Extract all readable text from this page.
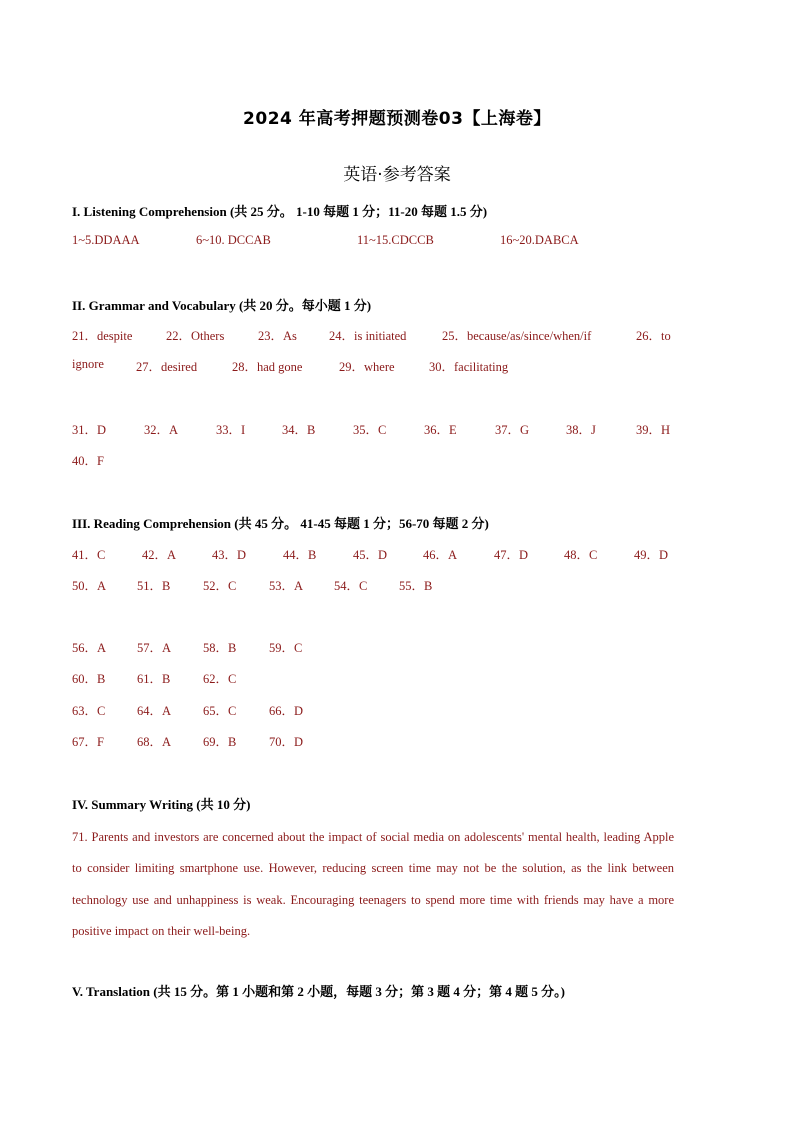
2024 年高考押题预测卷03【上海卷】
英语·参考答案
I. Listening Comprehension (共 25 分。 1-10 每题 1 分；11-20 每题 1.5 分)
1~5.DDAAA	6~10. DCCAB	11~15.CDCCB	16~20.DABCA
II. Grammar and Vocabulary (共 20 分。每小题 1 分)
21．despite	22．Others	23．As	24．is initiated	25．because/as/since/when/if	26．to
ignore	27．desired	28．had gone	29．where	30．facilitating
31．D	32．A	33．I	34．B	35．C	36．E	37．G	38．J	39．H
40．F
III. Reading Comprehension (共 45 分。 41-45 每题 1 分；56-70 每题 2 分)
41．C	42．A	43．D	44．B	45．D	46．A	47．D	48．C	49．D
50．A 51．B	52．C	53．A 54．C	55．B
56．A 57．A	58．B	59．C
60．B	61．B	62．C
63．C	64．A	65．C	66．D
67．F	68．A	69．B	70．D
IV. Summary Writing (共 10 分)
71. Parents and investors are concerned about the impact of social media on adolescents' mental health, leading Apple to consider limiting smartphone use. However, reducing screen time may not be the solution, as the link between technology use and unhappiness is weak. Encouraging teenagers to spend more time with friends may have a more positive impact on their well-being.
V. Translation (共 15 分。第 1 小题和第 2 小题，每题 3 分；第 3 题 4 分；第 4 题 5 分。)
